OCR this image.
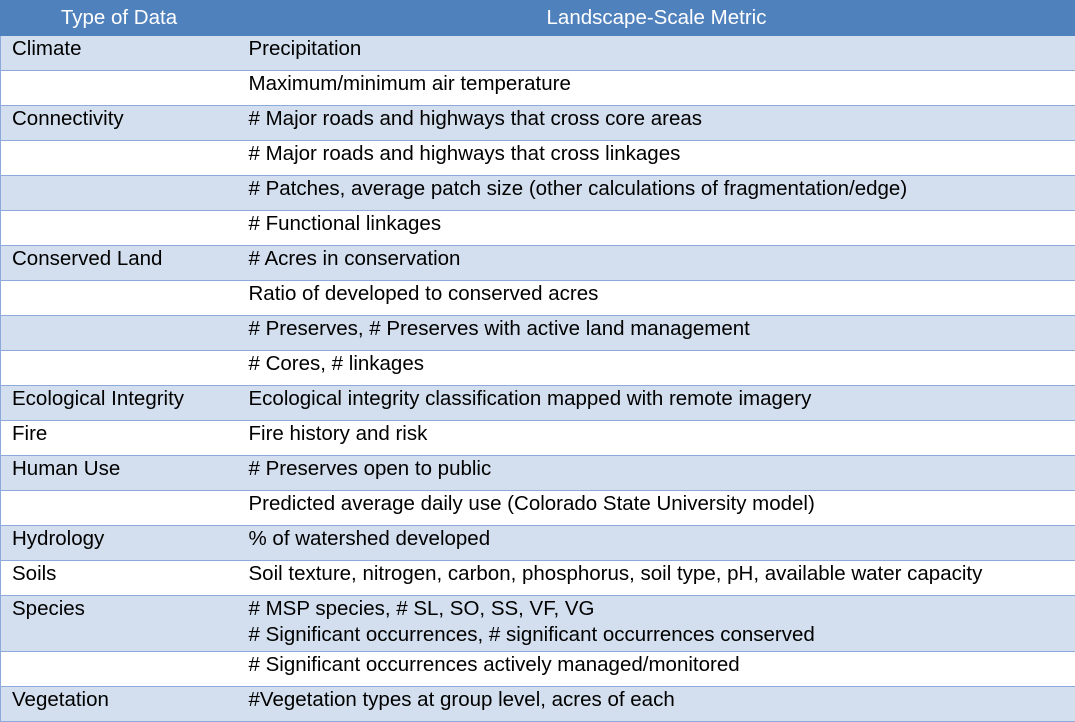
Type of Data	Landscape-Scale Metric
Climate	Precipitation

	Maximum/minimum air temperature

Connectivity	# Major roads and highways that cross core areas

	# Major roads and highways that cross linkages

	# Patches, average patch size (other calculations of fragmentation/edge)

	# Functional linkages

Conserved Land	# Acres in conservation

	Ratio of developed to conserved acres

	# Preserves, # Preserves with active land management

	# Cores, # linkages

Ecological Integrity	Ecological integrity classification mapped with remote imagery

Fire	Fire history and risk

Human Use	# Preserves open to public

	Predicted average daily use (Colorado State University model)

Hydrology	% of watershed developed

Soils	Soil texture, nitrogen, carbon, phosphorus, soil type, pH, available water capacity

Species	# MSP species, # SL, SO, SS, VF, VG
# Significant occurrences, # significant occurrences conserved

	# Significant occurrences actively managed/monitored

Vegetation	#Vegetation types at group level, acres of each
